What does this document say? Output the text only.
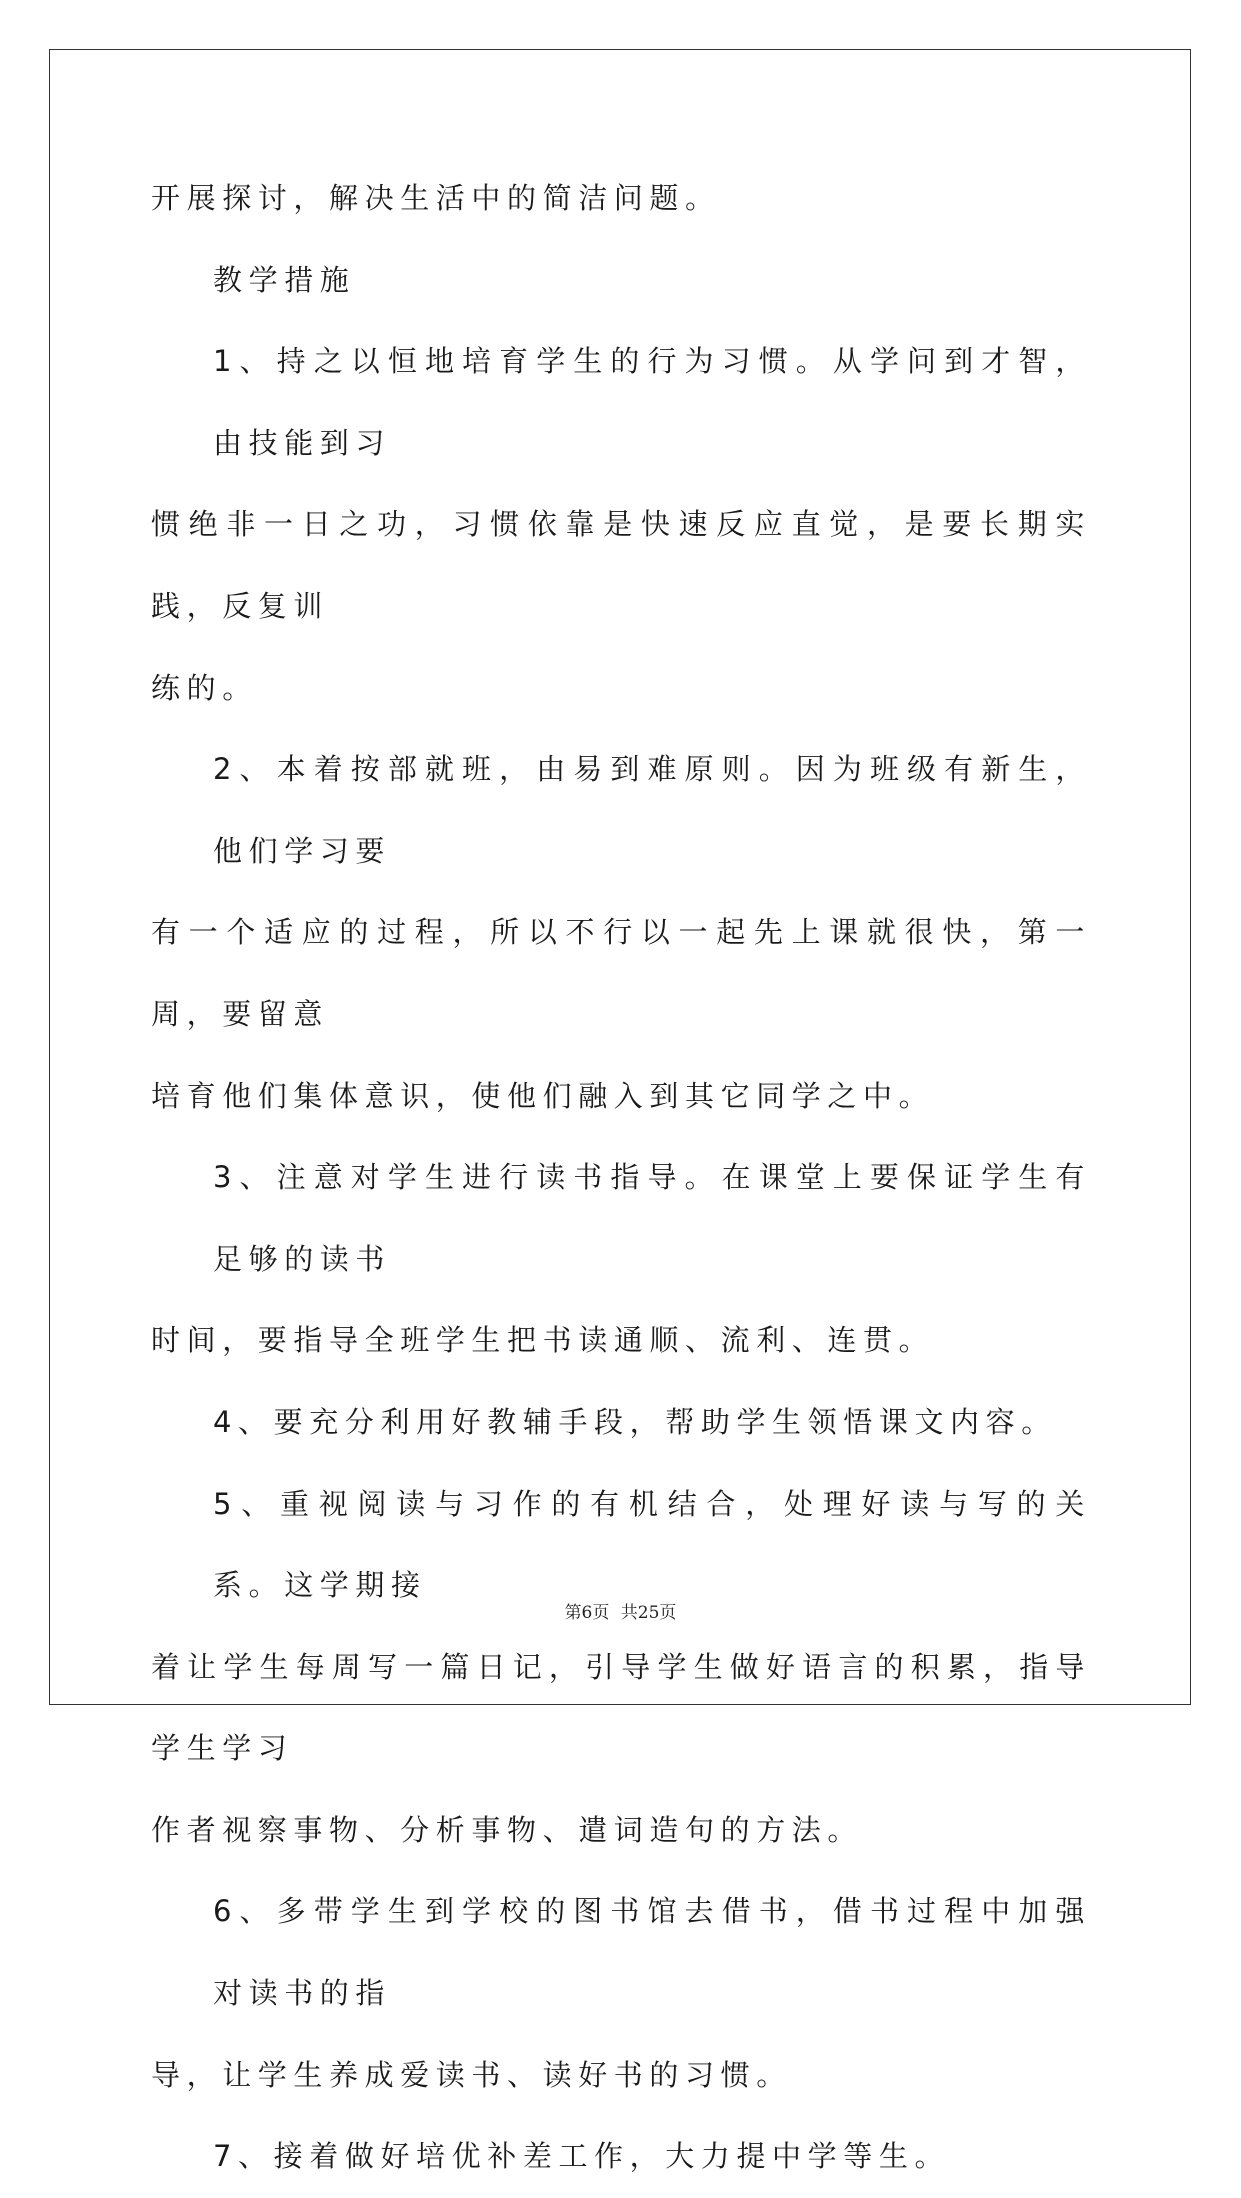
开展探讨，解决生活中的简洁问题。

教学措施

1、持之以恒地培育学生的行为习惯。从学问到才智，由技能到习
惯绝非一日之功，习惯依靠是快速反应直觉，是要长期实践，反复训
练的。

2、本着按部就班，由易到难原则。因为班级有新生，他们学习要
有一个适应的过程，所以不行以一起先上课就很快，第一周，要留意
培育他们集体意识，使他们融入到其它同学之中。

3、注意对学生进行读书指导。在课堂上要保证学生有足够的读书
时间，要指导全班学生把书读通顺、流利、连贯。

4、要充分利用好教辅手段，帮助学生领悟课文内容。

5、重视阅读与习作的有机结合，处理好读与写的关系。这学期接
着让学生每周写一篇日记，引导学生做好语言的积累，指导学生学习
作者视察事物、分析事物、遣词造句的方法。

6、多带学生到学校的图书馆去借书，借书过程中加强对读书的指
导，让学生养成爱读书、读好书的习惯。

7、接着做好培优补差工作，大力提中学等生。

第6页 共25页
